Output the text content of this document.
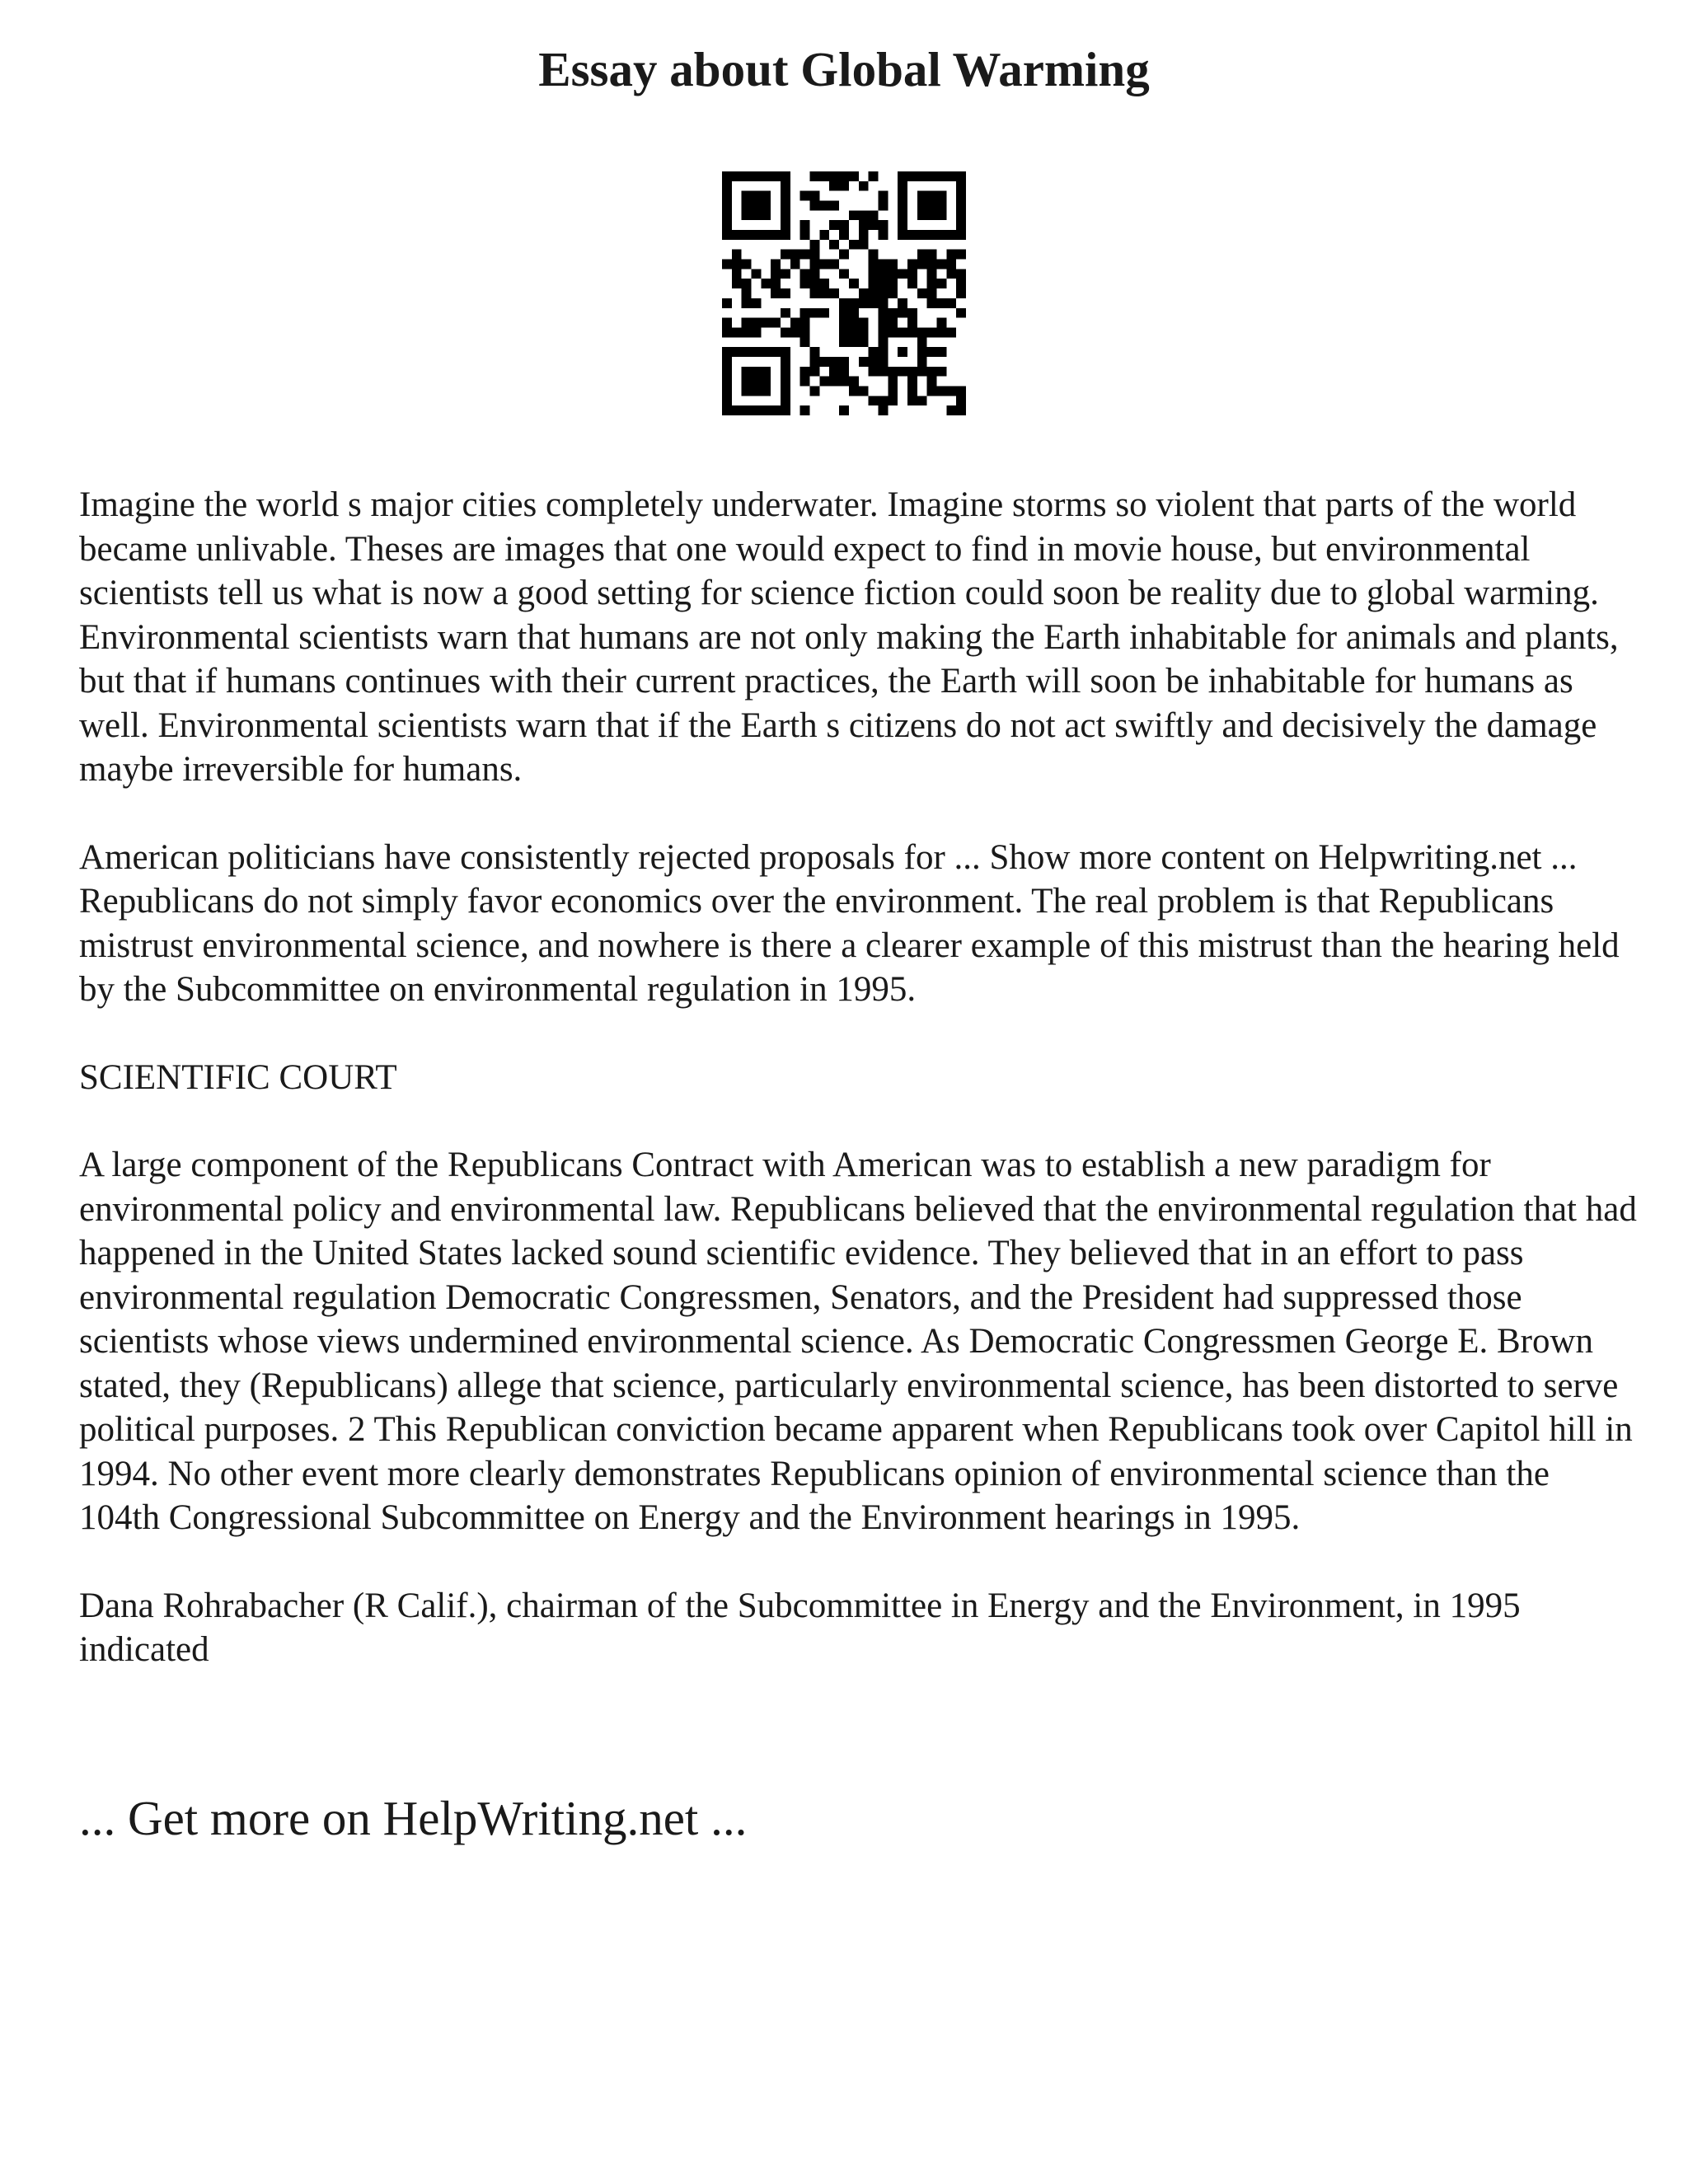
Essay about Global Warming

Imagine the world s major cities completely underwater. Imagine storms so violent that parts of the world became unlivable. Theses are images that one would expect to find in movie house, but environmental scientists tell us what is now a good setting for science fiction could soon be reality due to global warming. Environmental scientists warn that humans are not only making the Earth inhabitable for animals and plants, but that if humans continues with their current practices, the Earth will soon be inhabitable for humans as well. Environmental scientists warn that if the Earth s citizens do not act swiftly and decisively the damage maybe irreversible for humans.

American politicians have consistently rejected proposals for ... Show more content on Helpwriting.net ...

Republicans do not simply favor economics over the environment. The real problem is that Republicans mistrust environmental science, and nowhere is there a clearer example of this mistrust than the hearing held by the Subcommittee on environmental regulation in 1995.

SCIENTIFIC COURT

A large component of the Republicans Contract with American was to establish a new paradigm for environmental policy and environmental law. Republicans believed that the environmental regulation that had happened in the United States lacked sound scientific evidence. They believed that in an effort to pass environmental regulation Democratic Congressmen, Senators, and the President had suppressed those scientists whose views undermined environmental science. As Democratic Congressmen George E. Brown stated, they (Republicans) allege that science, particularly environmental science, has been distorted to serve political purposes. 2 This Republican conviction became apparent when Republicans took over Capitol hill in 1994. No other event more clearly demonstrates Republicans opinion of environmental science than the 104th Congressional Subcommittee on Energy and the Environment hearings in 1995.

Dana Rohrabacher (R Calif.), chairman of the Subcommittee in Energy and the Environment, in 1995 indicated

... Get more on HelpWriting.net ...
